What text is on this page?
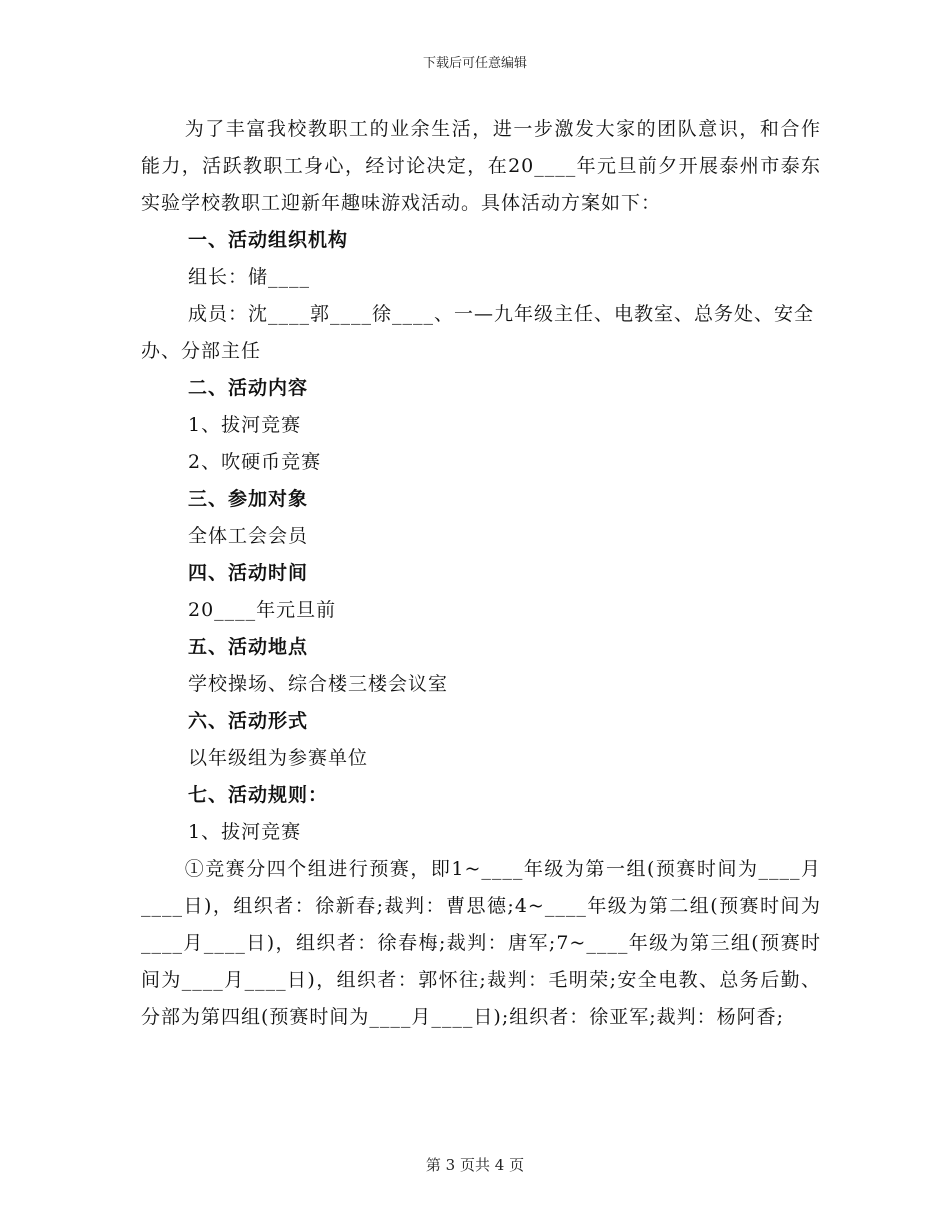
下载后可任意编辑

为了丰富我校教职工的业余生活，进一步激发大家的团队意识，和合作能力，活跃教职工身心，经讨论决定，在20____年元旦前夕开展泰州市泰东实验学校教职工迎新年趣味游戏活动。具体活动方案如下：

一、活动组织机构

组长：储____

成员：沈____郭____徐____、一—九年级主任、电教室、总务处、安全办、分部主任

二、活动内容

1、拔河竞赛

2、吹硬币竞赛

三、参加对象

全体工会会员

四、活动时间

20____年元旦前

五、活动地点

学校操场、综合楼三楼会议室

六、活动形式

以年级组为参赛单位

七、活动规则：

1、拔河竞赛

①竞赛分四个组进行预赛，即1~____年级为第一组(预赛时间为____月____日)，组织者：徐新春;裁判：曹思德;4~____年级为第二组(预赛时间为____月____日)，组织者：徐春梅;裁判：唐军;7~____年级为第三组(预赛时间为____月____日)，组织者：郭怀往;裁判：毛明荣;安全电教、总务后勤、分部为第四组(预赛时间为____月____日);组织者：徐亚军;裁判：杨阿香;

第 3 页共 4 页
